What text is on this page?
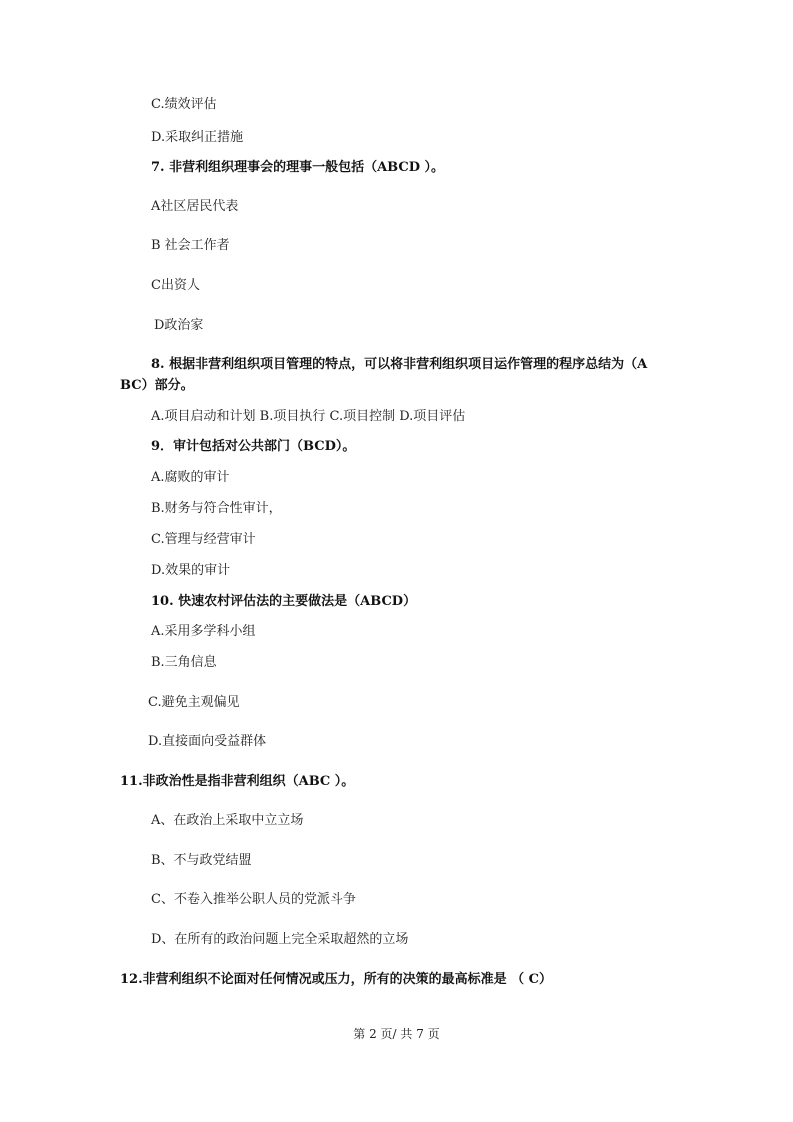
C.绩效评估
D.采取纠正措施
7. 非营利组织理事会的理事一般包括（ABCD ）。
A社区居民代表
B 社会工作者
C出资人
D政治家
8. 根据非营利组织项目管理的特点，可以将非营利组织项目运作管理的程序总结为（A
BC）部分。
A.项目启动和计划 B.项目执行 C.项目控制 D.项目评估
9．审计包括对公共部门（BCD）。
A.腐败的审计
B.财务与符合性审计，
C.管理与经营审计
D.效果的审计
10. 快速农村评估法的主要做法是（ABCD）
A.采用多学科小组
B.三角信息
C.避免主观偏见
D.直接面向受益群体
11.非政治性是指非营利组织（ABC ）。
A、在政治上采取中立立场
B、不与政党结盟
C、不卷入推举公职人员的党派斗争
D、在所有的政治问题上完全采取超然的立场
12.非营利组织不论面对任何情况或压力，所有的决策的最高标准是 （ C）
第 2 页/ 共 7 页
